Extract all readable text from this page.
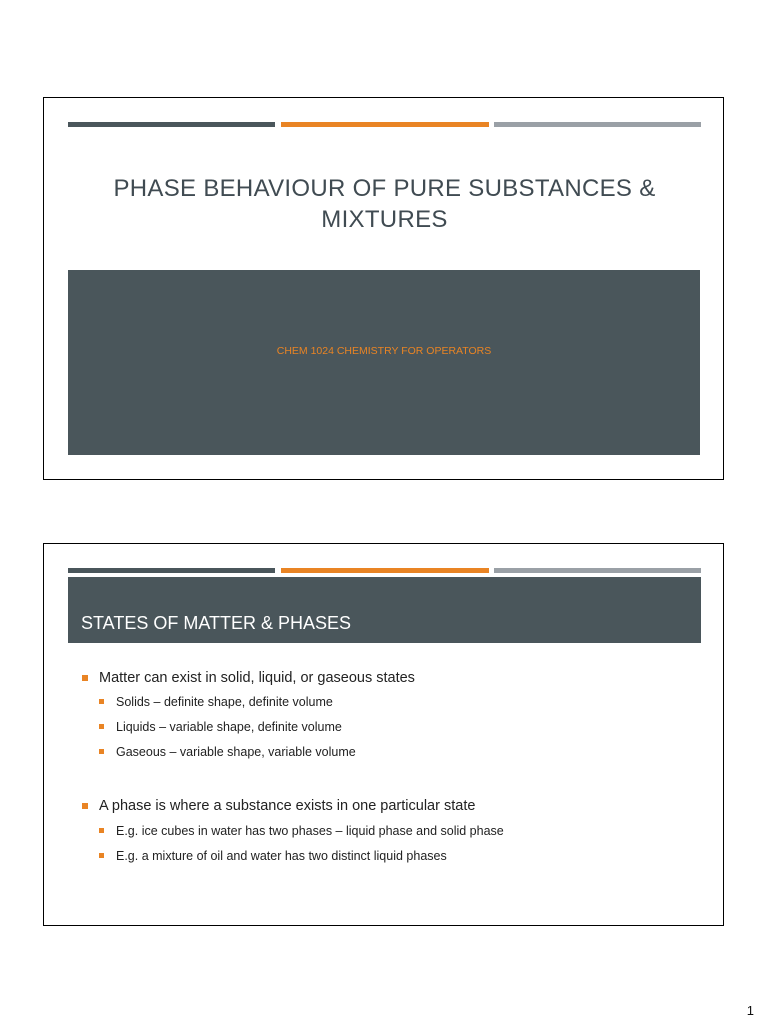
PHASE BEHAVIOUR OF PURE SUBSTANCES &
MIXTURES
CHEM 1024 CHEMISTRY FOR OPERATORS
STATES OF MATTER & PHASES
Matter can exist in solid, liquid, or gaseous states
Solids – definite shape, definite volume
Liquids – variable shape, definite volume
Gaseous – variable shape, variable volume
A phase is where a substance exists in one particular state
E.g. ice cubes in water has two phases – liquid phase and solid phase
E.g. a mixture of oil and water has two distinct liquid phases
1
